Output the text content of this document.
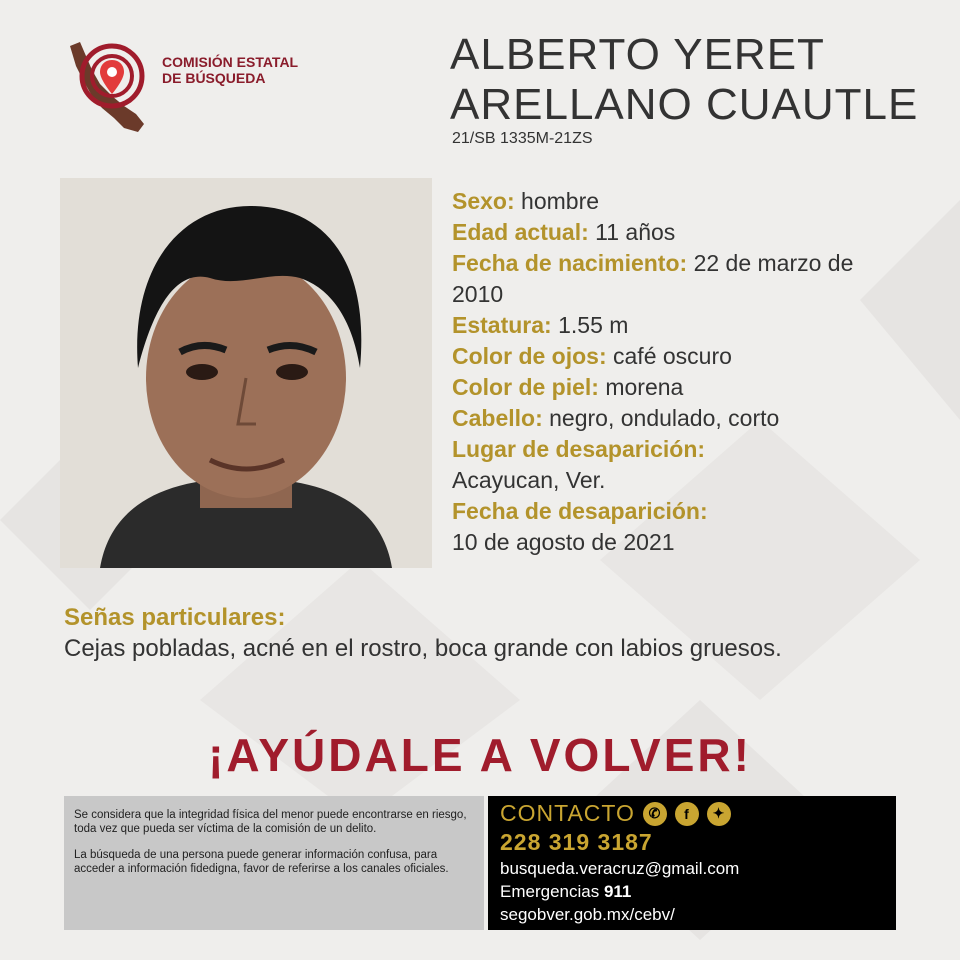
COMISIÓN ESTATAL
DE BÚSQUEDA	ALBERTO YERET
ARELLANO CUAUTLE
21/SB 1335M-21ZS

Sexo: hombre

Edad actual: 11 años

Fecha de nacimiento: 22 de marzo de 2010

Estatura: 1.55 m

Color de ojos: café oscuro

Color de piel: morena

Cabello: negro, ondulado, corto

Lugar de desaparición:
Acayucan, Ver.

Fecha de desaparición:
10 de agosto de 2021

Señas particulares:
Cejas pobladas, acné en el rostro, boca grande con labios gruesos.
¡AYÚDALE A VOLVER!

Se considera que la integridad física del menor puede encontrarse en riesgo, toda vez que pueda ser víctima de la comisión de un delito.

La búsqueda de una persona puede generar información confusa, para acceder a información fidedigna, favor de referirse a los canales oficiales.

CONTACTO ✆	f	✦
228 319 3187
busqueda.veracruz@gmail.com
Emergencias 911
segobver.gob.mx/cebv/
